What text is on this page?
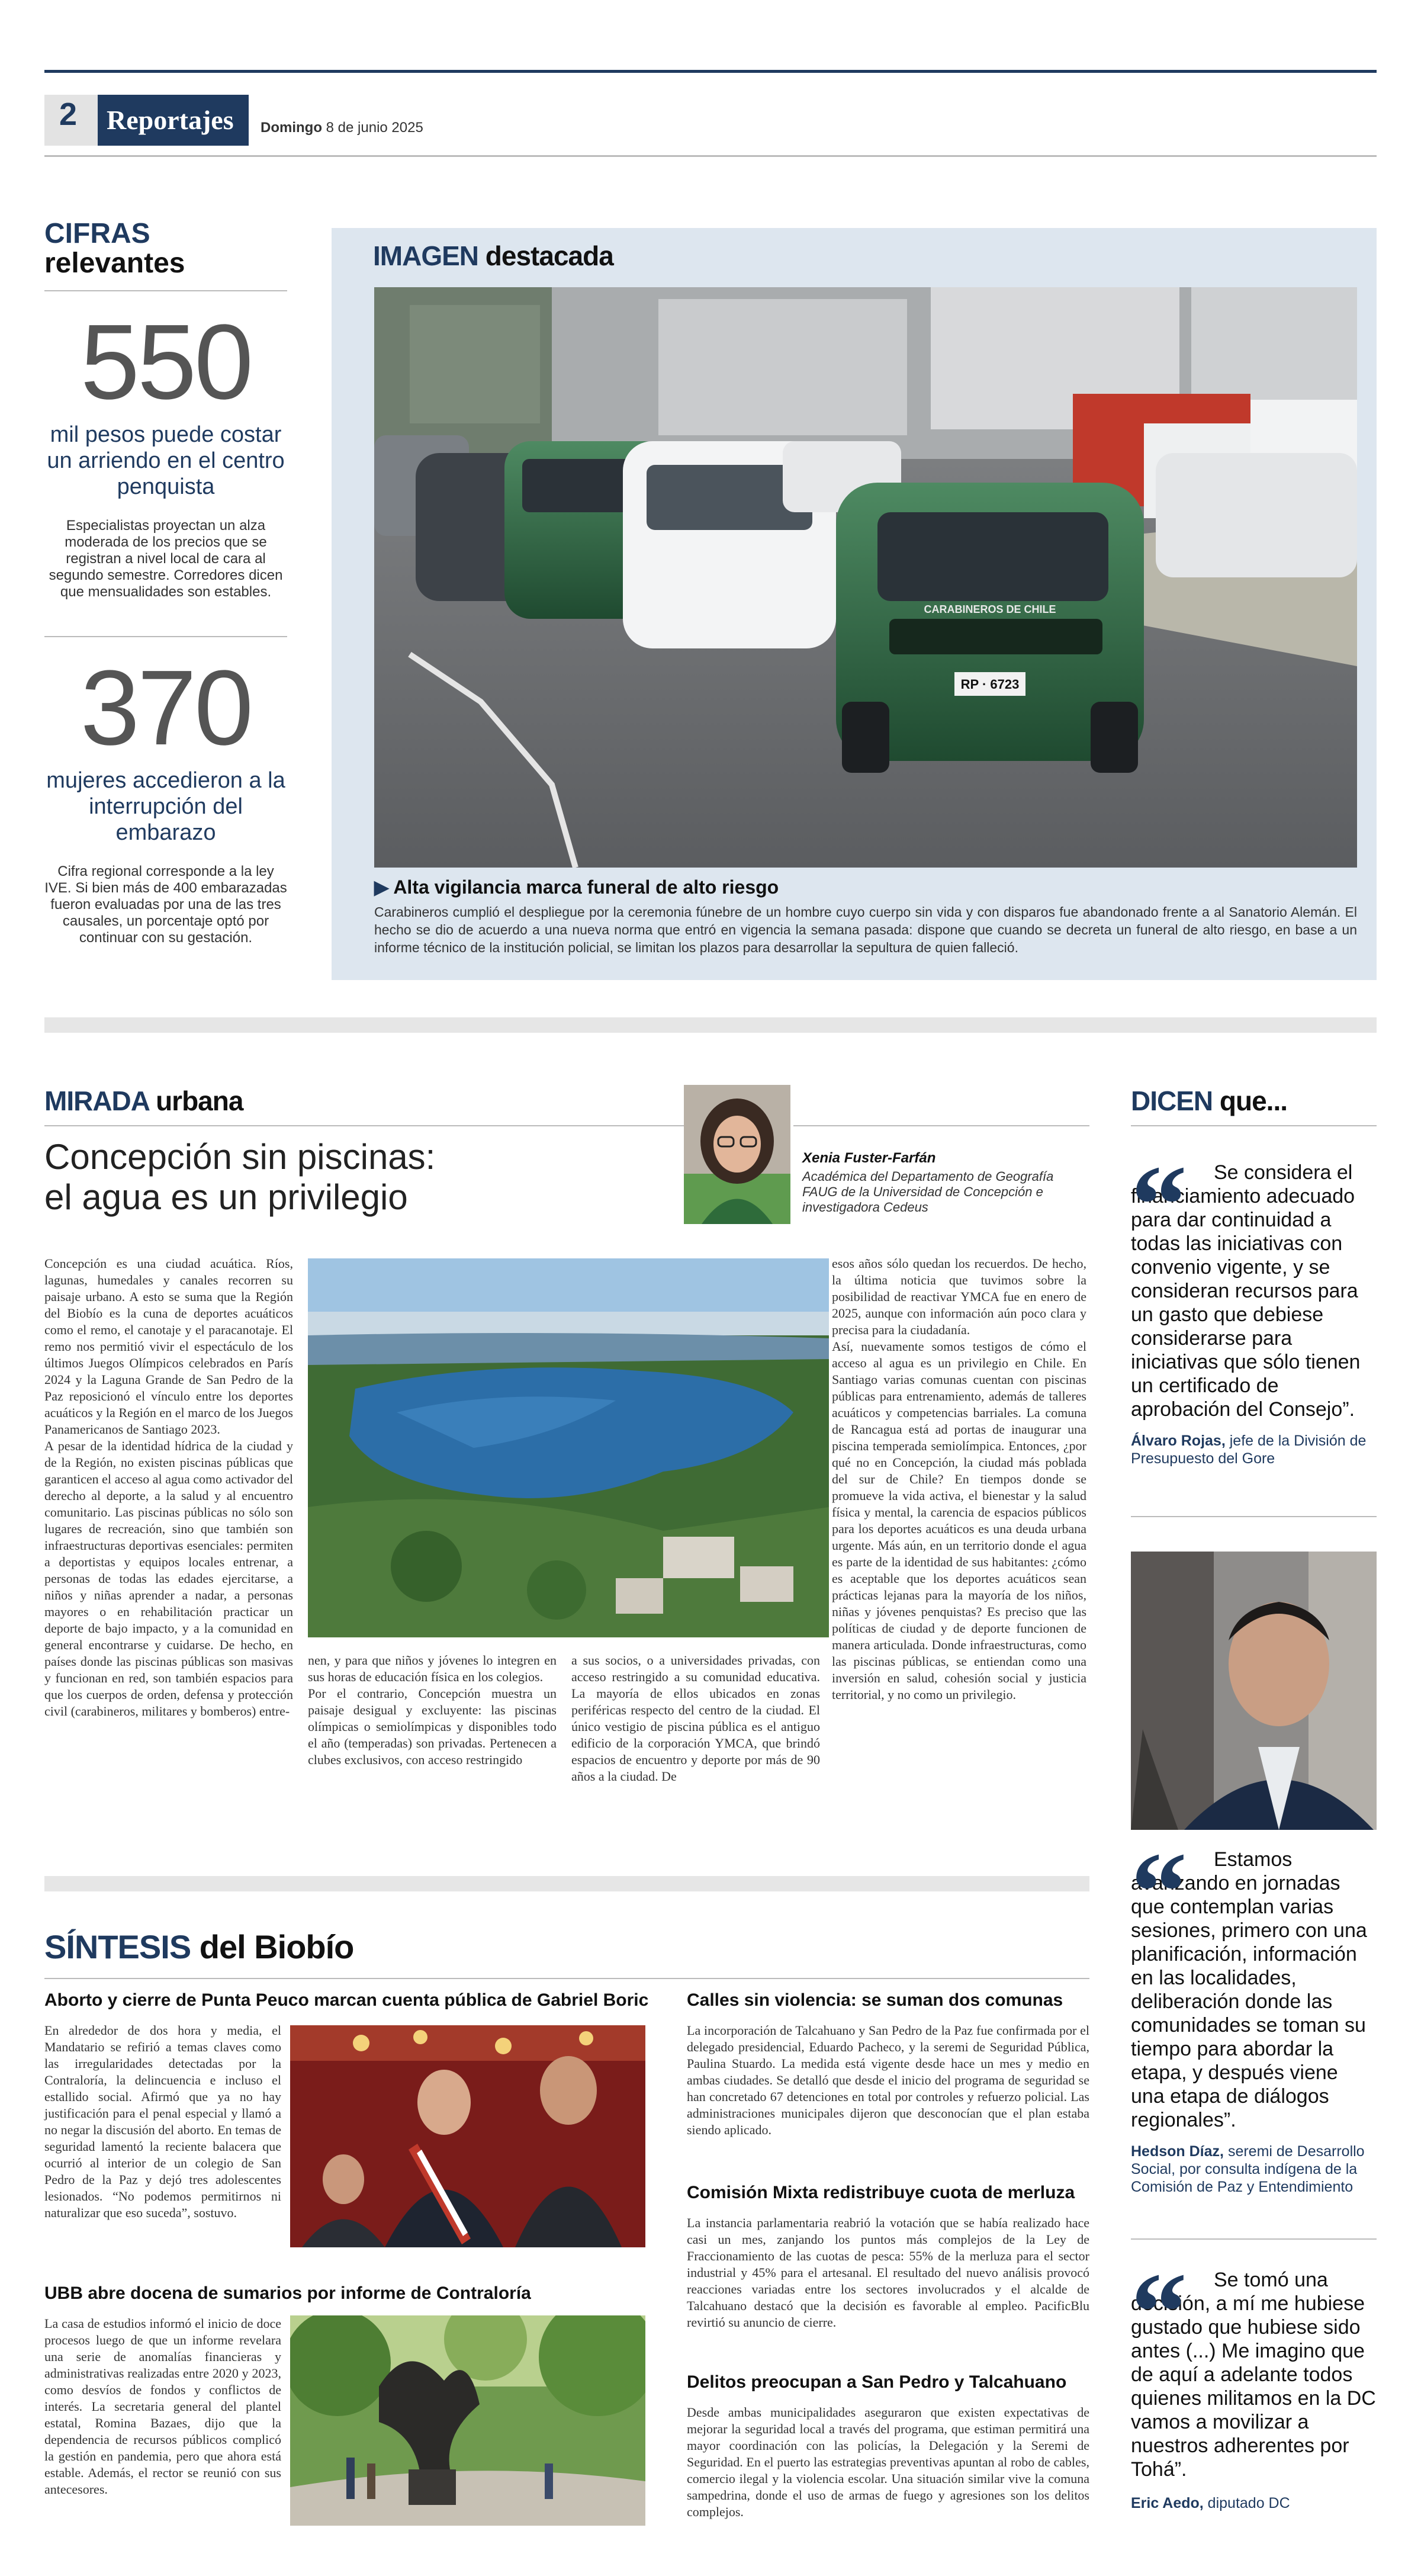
2 Reportajes Domingo 8 de junio 2025
CIFRAS
relevantes
550
mil pesos puede costar un arriendo en el centro penquista
Especialistas proyectan un alza moderada de los precios que se registran a nivel local de cara al segundo semestre. Corredores dicen que mensualidades son estables.
370
mujeres accedieron a la interrupción del embarazo
Cifra regional corresponde a la ley IVE. Si bien más de 400 embarazadas fueron evaluadas por una de las tres causales, un porcentaje optó por continuar con su gestación.
IMAGEN destacada
CARABINEROS DE CHILE
RP · 6723
▶ Alta vigilancia marca funeral de alto riesgo

Carabineros cumplió el despliegue por la ceremonia fúnebre de un hombre cuyo cuerpo sin vida y con disparos fue abandonado frente a al Sanatorio Alemán. El hecho se dio de acuerdo a una nueva norma que entró en vigencia la semana pasada: dispone que cuando se decreta un funeral de alto riesgo, en base a un informe técnico de la institución policial, se limitan los plazos para desarrollar la sepultura de quien falleció.

MIRADA urbana
Concepción sin piscinas:
el agua es un privilegio
Xenia Fuster-Farfán
Académica del Departamento de Geografía FAUG de la Universidad de Concepción e investigadora Cedeus

Concepción es una ciudad acuática. Ríos, lagunas, humedales y canales recorren su paisaje urbano. A esto se suma que la Región del Biobío es la cuna de deportes acuáticos como el remo, el canotaje y el paracanotaje. El remo nos permitió vivir el espectáculo de los últimos Juegos Olímpicos celebrados en París 2024 y la Laguna Grande de San Pedro de la Paz reposicionó el vínculo entre los deportes acuáticos y la Región en el marco de los Juegos Panamericanos de Santiago 2023.
A pesar de la identidad hídrica de la ciudad y de la Región, no existen piscinas públicas que garanticen el acceso al agua como activador del derecho al deporte, a la salud y al encuentro comunitario. Las piscinas públicas no sólo son lugares de recreación, sino que también son infraestructuras deportivas esenciales: permiten a deportistas y equipos locales entrenar, a personas de todas las edades ejercitarse, a niños y niñas aprender a nadar, a personas mayores o en rehabilitación practicar un deporte de bajo impacto, y a la comunidad en general encontrarse y cuidarse. De hecho, en países donde las piscinas públicas son masivas y funcionan en red, son también espacios para que los cuerpos de orden, defensa y protección civil (carabineros, militares y bomberos) entre-

nen, y para que niños y jóvenes lo integren en sus horas de educación física en los colegios.
Por el contrario, Concepción muestra un paisaje desigual y excluyente: las piscinas olímpicas o semiolímpicas y disponibles todo el año (temperadas) son privadas. Pertenecen a clubes exclusivos, con acceso restringido

a sus socios, o a universidades privadas, con acceso restringido a su comunidad educativa. La mayoría de ellos ubicados en zonas periféricas respecto del centro de la ciudad. El único vestigio de piscina pública es el antiguo edificio de la corporación YMCA, que brindó espacios de encuentro y deporte por más de 90 años a la ciudad. De

esos años sólo quedan los recuerdos. De hecho, la última noticia que tuvimos sobre la posibilidad de reactivar YMCA fue en enero de 2025, aunque con información aún poco clara y precisa para la ciudadanía.
Así, nuevamente somos testigos de cómo el acceso al agua es un privilegio en Chile. En Santiago varias comunas cuentan con piscinas públicas para entrenamiento, además de talleres acuáticos y competencias barriales. La comuna de Rancagua está ad portas de inaugurar una piscina temperada semiolímpica. Entonces, ¿por qué no en Concepción, la ciudad más poblada del sur de Chile? En tiempos donde se promueve la vida activa, el bienestar y la salud física y mental, la carencia de espacios públicos para los deportes acuáticos es una deuda urbana urgente. Más aún, en un territorio donde el agua es parte de la identidad de sus habitantes: ¿cómo es aceptable que los deportes acuáticos sean prácticas lejanas para la mayoría de los niños, niñas y jóvenes penquistas? Es preciso que las políticas de ciudad y de deporte funcionen de manera articulada. Donde infraestructuras, como las piscinas públicas, se entiendan como una inversión en salud, cohesión social y justicia territorial, y no como un privilegio.

DICEN que...
“	Se considera el financiamiento adecuado para dar continuidad a todas las iniciativas con convenio vigente, y se consideran recursos para un gasto que debiese considerarse para iniciativas que sólo tienen un certificado de aprobación del Consejo”.
Álvaro Rojas, jefe de la División de Presupuesto del Gore
“	Estamos avanzando en jornadas que contemplan varias sesiones, primero con una planificación, información en las localidades, deliberación donde las comunidades se toman su tiempo para abordar la etapa, y después viene una etapa de diálogos regionales”.
Hedson Díaz, seremi de Desarrollo Social, por consulta indígena de la Comisión de Paz y Entendimiento
“	Se tomó una decisión, a mí me hubiese gustado que hubiese sido antes (...) Me imagino que de aquí a adelante todos quienes militamos en la DC vamos a movilizar a nuestros adherentes por Tohá”.
Eric Aedo, diputado DC
SÍNTESIS del Biobío
Aborto y cierre de Punta Peuco marcan cuenta pública de Gabriel Boric

En alrededor de dos hora y media, el Mandatario se refirió a temas claves como las irregularidades detectadas por la Contraloría, la delincuencia e incluso el estallido social. Afirmó que ya no hay justificación para el penal especial y llamó a no negar la discusión del aborto. En temas de seguridad lamentó la reciente balacera que ocurrió al interior de un colegio de San Pedro de la Paz y dejó tres adolescentes lesionados. “No podemos permitirnos ni naturalizar que eso suceda”, sostuvo.

UBB abre docena de sumarios por informe de Contraloría

La casa de estudios informó el inicio de doce procesos luego de que un informe revelara una serie de anomalías financieras y administrativas realizadas entre 2020 y 2023, como desvíos de fondos y conflictos de interés. La secretaria general del plantel estatal, Romina Bazaes, dijo que la dependencia de recursos públicos complicó la gestión en pandemia, pero que ahora está estable. Además, el rector se reunió con sus antecesores.

Calles sin violencia: se suman dos comunas

La incorporación de Talcahuano y San Pedro de la Paz fue confirmada por el delegado presidencial, Eduardo Pacheco, y la seremi de Seguridad Pública, Paulina Stuardo. La medida está vigente desde hace un mes y medio en ambas ciudades. Se detalló que desde el inicio del programa de seguridad se han concretado 67 detenciones en total por controles y refuerzo policial. Las administraciones municipales dijeron que desconocían que el plan estaba siendo aplicado.

Comisión Mixta redistribuye cuota de merluza

La instancia parlamentaria reabrió la votación que se había realizado hace casi un mes, zanjando los puntos más complejos de la Ley de Fraccionamiento de las cuotas de pesca: 55% de la merluza para el sector industrial y 45% para el artesanal. El resultado del nuevo análisis provocó reacciones variadas entre los sectores involucrados y el alcalde de Talcahuano destacó que la decisión es favorable al empleo. PacificBlu revirtió su anuncio de cierre.

Delitos preocupan a San Pedro y Talcahuano

Desde ambas municipalidades aseguraron que existen expectativas de mejorar la seguridad local a través del programa, que estiman permitirá una mayor coordinación con las policías, la Delegación y la Seremi de Seguridad. En el puerto las estrategias preventivas apuntan al robo de cables, comercio ilegal y la violencia escolar. Una situación similar vive la comuna sampedrina, donde el uso de armas de fuego y agresiones son los delitos complejos.
